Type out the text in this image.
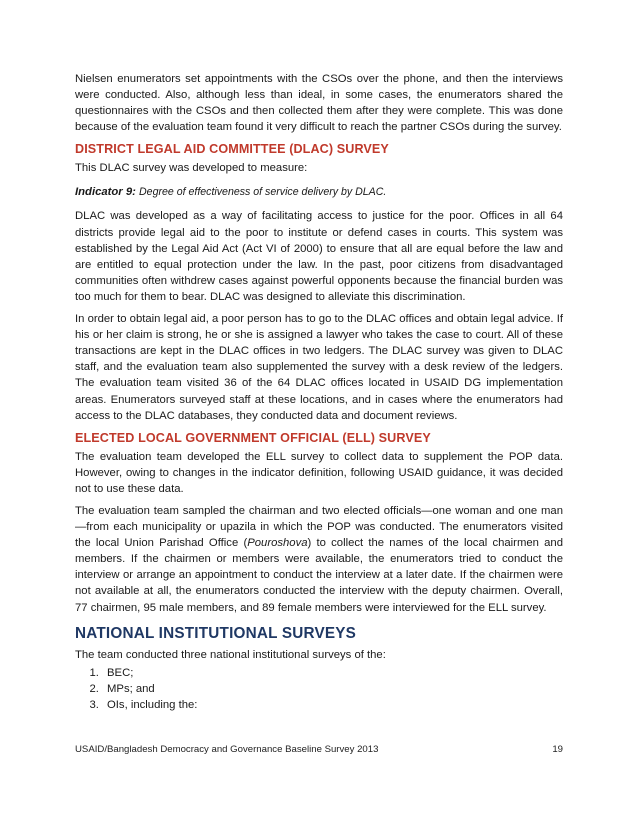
Nielsen enumerators set appointments with the CSOs over the phone, and then the interviews were conducted. Also, although less than ideal, in some cases, the enumerators shared the questionnaires with the CSOs and then collected them after they were complete. This was done because of the evaluation team found it very difficult to reach the partner CSOs during the survey.

DISTRICT LEGAL AID COMMITTEE (DLAC) SURVEY

This DLAC survey was developed to measure:

Indicator 9: Degree of effectiveness of service delivery by DLAC.

DLAC was developed as a way of facilitating access to justice for the poor. Offices in all 64 districts provide legal aid to the poor to institute or defend cases in courts. This system was established by the Legal Aid Act (Act VI of 2000) to ensure that all are equal before the law and are entitled to equal protection under the law. In the past, poor citizens from disadvantaged communities often withdrew cases against powerful opponents because the financial burden was too much for them to bear. DLAC was designed to alleviate this discrimination.

In order to obtain legal aid, a poor person has to go to the DLAC offices and obtain legal advice. If his or her claim is strong, he or she is assigned a lawyer who takes the case to court. All of these transactions are kept in the DLAC offices in two ledgers. The DLAC survey was given to DLAC staff, and the evaluation team also supplemented the survey with a desk review of the ledgers. The evaluation team visited 36 of the 64 DLAC offices located in USAID DG implementation areas. Enumerators surveyed staff at these locations, and in cases where the enumerators had access to the DLAC databases, they conducted data and document reviews.

ELECTED LOCAL GOVERNMENT OFFICIAL (ELL) SURVEY

The evaluation team developed the ELL survey to collect data to supplement the POP data. However, owing to changes in the indicator definition, following USAID guidance, it was decided not to use these data.

The evaluation team sampled the chairman and two elected officials—one woman and one man—from each municipality or upazila in which the POP was conducted. The enumerators visited the local Union Parishad Office (Pouroshova) to collect the names of the local chairmen and members. If the chairmen or members were available, the enumerators tried to conduct the interview or arrange an appointment to conduct the interview at a later date. If the chairmen were not available at all, the enumerators conducted the interview with the deputy chairmen. Overall, 77 chairmen, 95 male members, and 89 female members were interviewed for the ELL survey.

NATIONAL INSTITUTIONAL SURVEYS

The team conducted three national institutional surveys of the:

1. BEC;
2. MPs; and
3. OIs, including the:
USAID/Bangladesh Democracy and Governance Baseline Survey 2013	19
